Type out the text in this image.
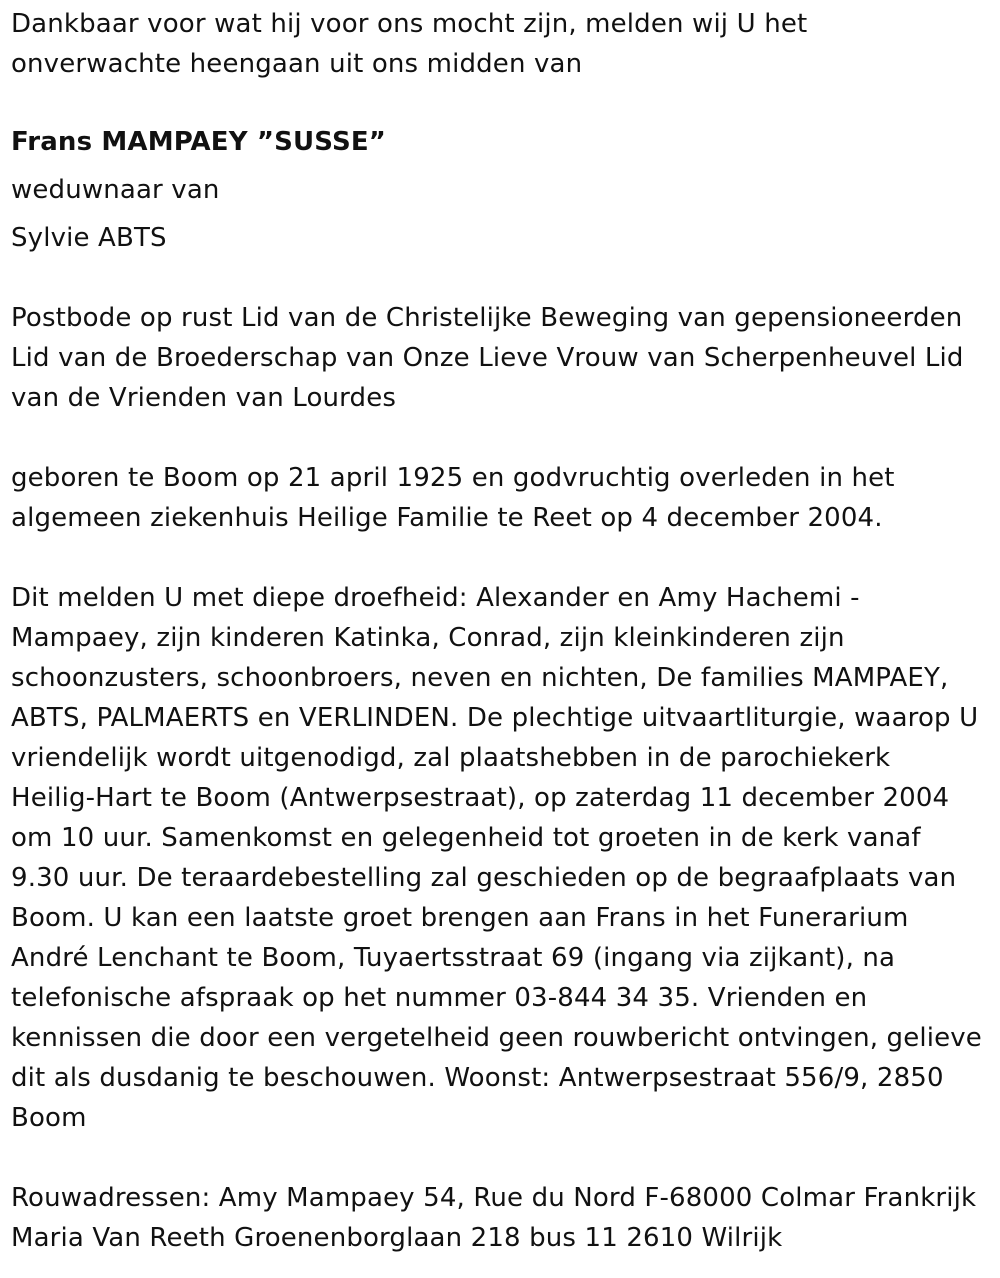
Dankbaar voor wat hij voor ons mocht zijn, melden wij U het
onverwachte heengaan uit ons midden van
Frans MAMPAEY ”SUSSE”
weduwnaar van
Sylvie ABTS
Postbode op rust Lid van de Christelijke Beweging van gepensioneerden
Lid van de Broederschap van Onze Lieve Vrouw van Scherpenheuvel Lid
van de Vrienden van Lourdes
geboren te Boom op 21 april 1925 en godvruchtig overleden in het
algemeen ziekenhuis Heilige Familie te Reet op 4 december 2004.
Dit melden U met diepe droefheid: Alexander en Amy Hachemi -
Mampaey, zijn kinderen Katinka, Conrad, zijn kleinkinderen zijn
schoonzusters, schoonbroers, neven en nichten, De families MAMPAEY,
ABTS, PALMAERTS en VERLINDEN. De plechtige uitvaartliturgie, waarop U
vriendelijk wordt uitgenodigd, zal plaatshebben in de parochiekerk
Heilig-Hart te Boom (Antwerpsestraat), op zaterdag 11 december 2004
om 10 uur. Samenkomst en gelegenheid tot groeten in de kerk vanaf
9.30 uur. De teraardebestelling zal geschieden op de begraafplaats van
Boom. U kan een laatste groet brengen aan Frans in het Funerarium
André Lenchant te Boom, Tuyaertsstraat 69 (ingang via zijkant), na
telefonische afspraak op het nummer 03-844 34 35. Vrienden en
kennissen die door een vergetelheid geen rouwbericht ontvingen, gelieve
dit als dusdanig te beschouwen. Woonst: Antwerpsestraat 556/9, 2850
Boom
Rouwadressen: Amy Mampaey 54, Rue du Nord F-68000 Colmar Frankrijk
Maria Van Reeth Groenenborglaan 218 bus 11 2610 Wilrijk
